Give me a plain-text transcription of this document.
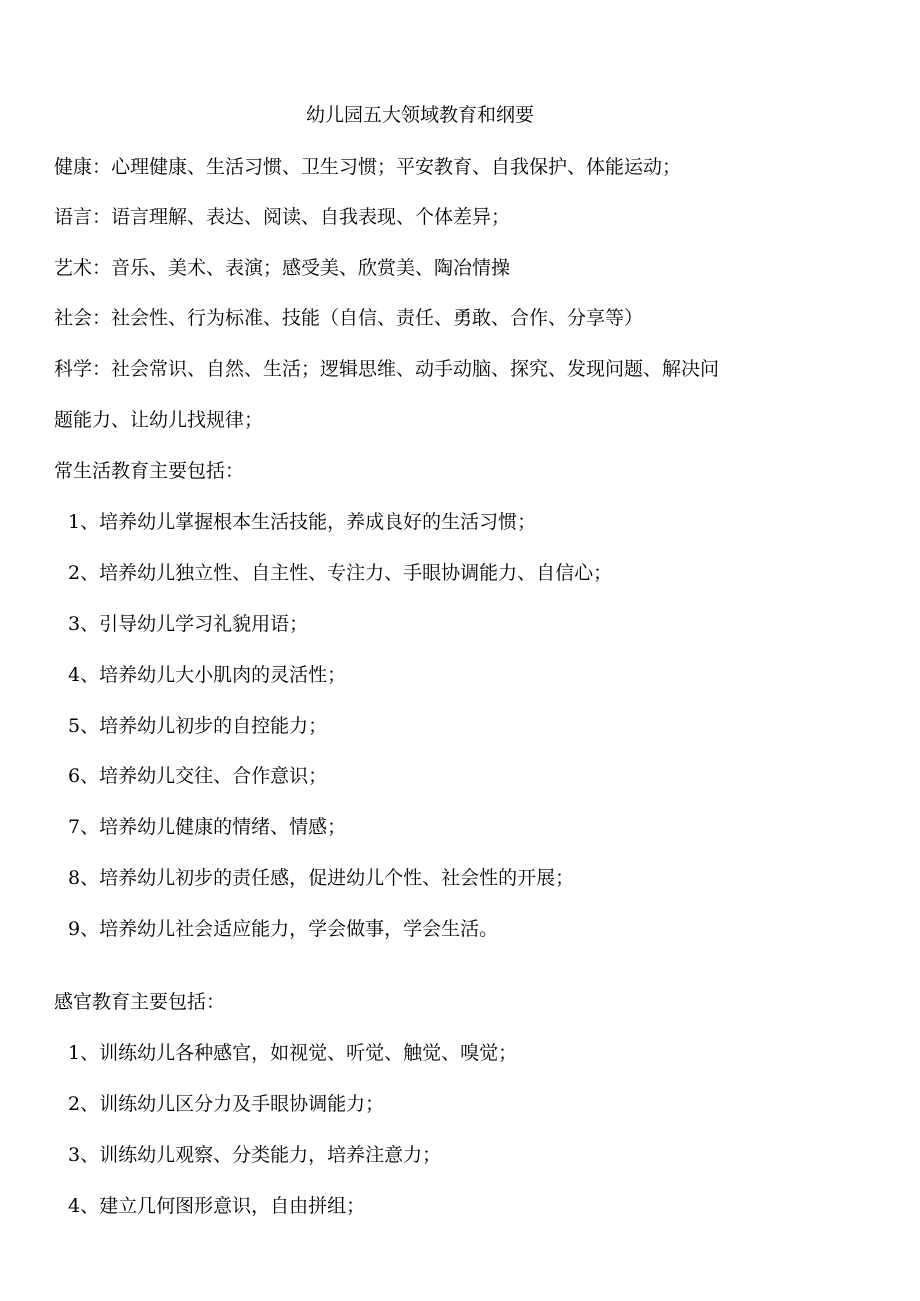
幼儿园五大领域教育和纲要
健康：心理健康、生活习惯、卫生习惯；平安教育、自我保护、体能运动；
语言：语言理解、表达、阅读、自我表现、个体差异；
艺术：音乐、美术、表演；感受美、欣赏美、陶冶情操
社会：社会性、行为标准、技能（自信、责任、勇敢、合作、分享等）
科学：社会常识、自然、生活；逻辑思维、动手动脑、探究、发现问题、解决问
题能力、让幼儿找规律；
常生活教育主要包括：
1、培养幼儿掌握根本生活技能，养成良好的生活习惯；
2、培养幼儿独立性、自主性、专注力、手眼协调能力、自信心；
3、引导幼儿学习礼貌用语；
4、培养幼儿大小肌肉的灵活性；
5、培养幼儿初步的自控能力；
6、培养幼儿交往、合作意识；
7、培养幼儿健康的情绪、情感；
8、培养幼儿初步的责任感，促进幼儿个性、社会性的开展；
9、培养幼儿社会适应能力，学会做事，学会生活。
感官教育主要包括：
1、训练幼儿各种感官，如视觉、听觉、触觉、嗅觉；
2、训练幼儿区分力及手眼协调能力；
3、训练幼儿观察、分类能力，培养注意力；
4、建立几何图形意识，自由拼组；
